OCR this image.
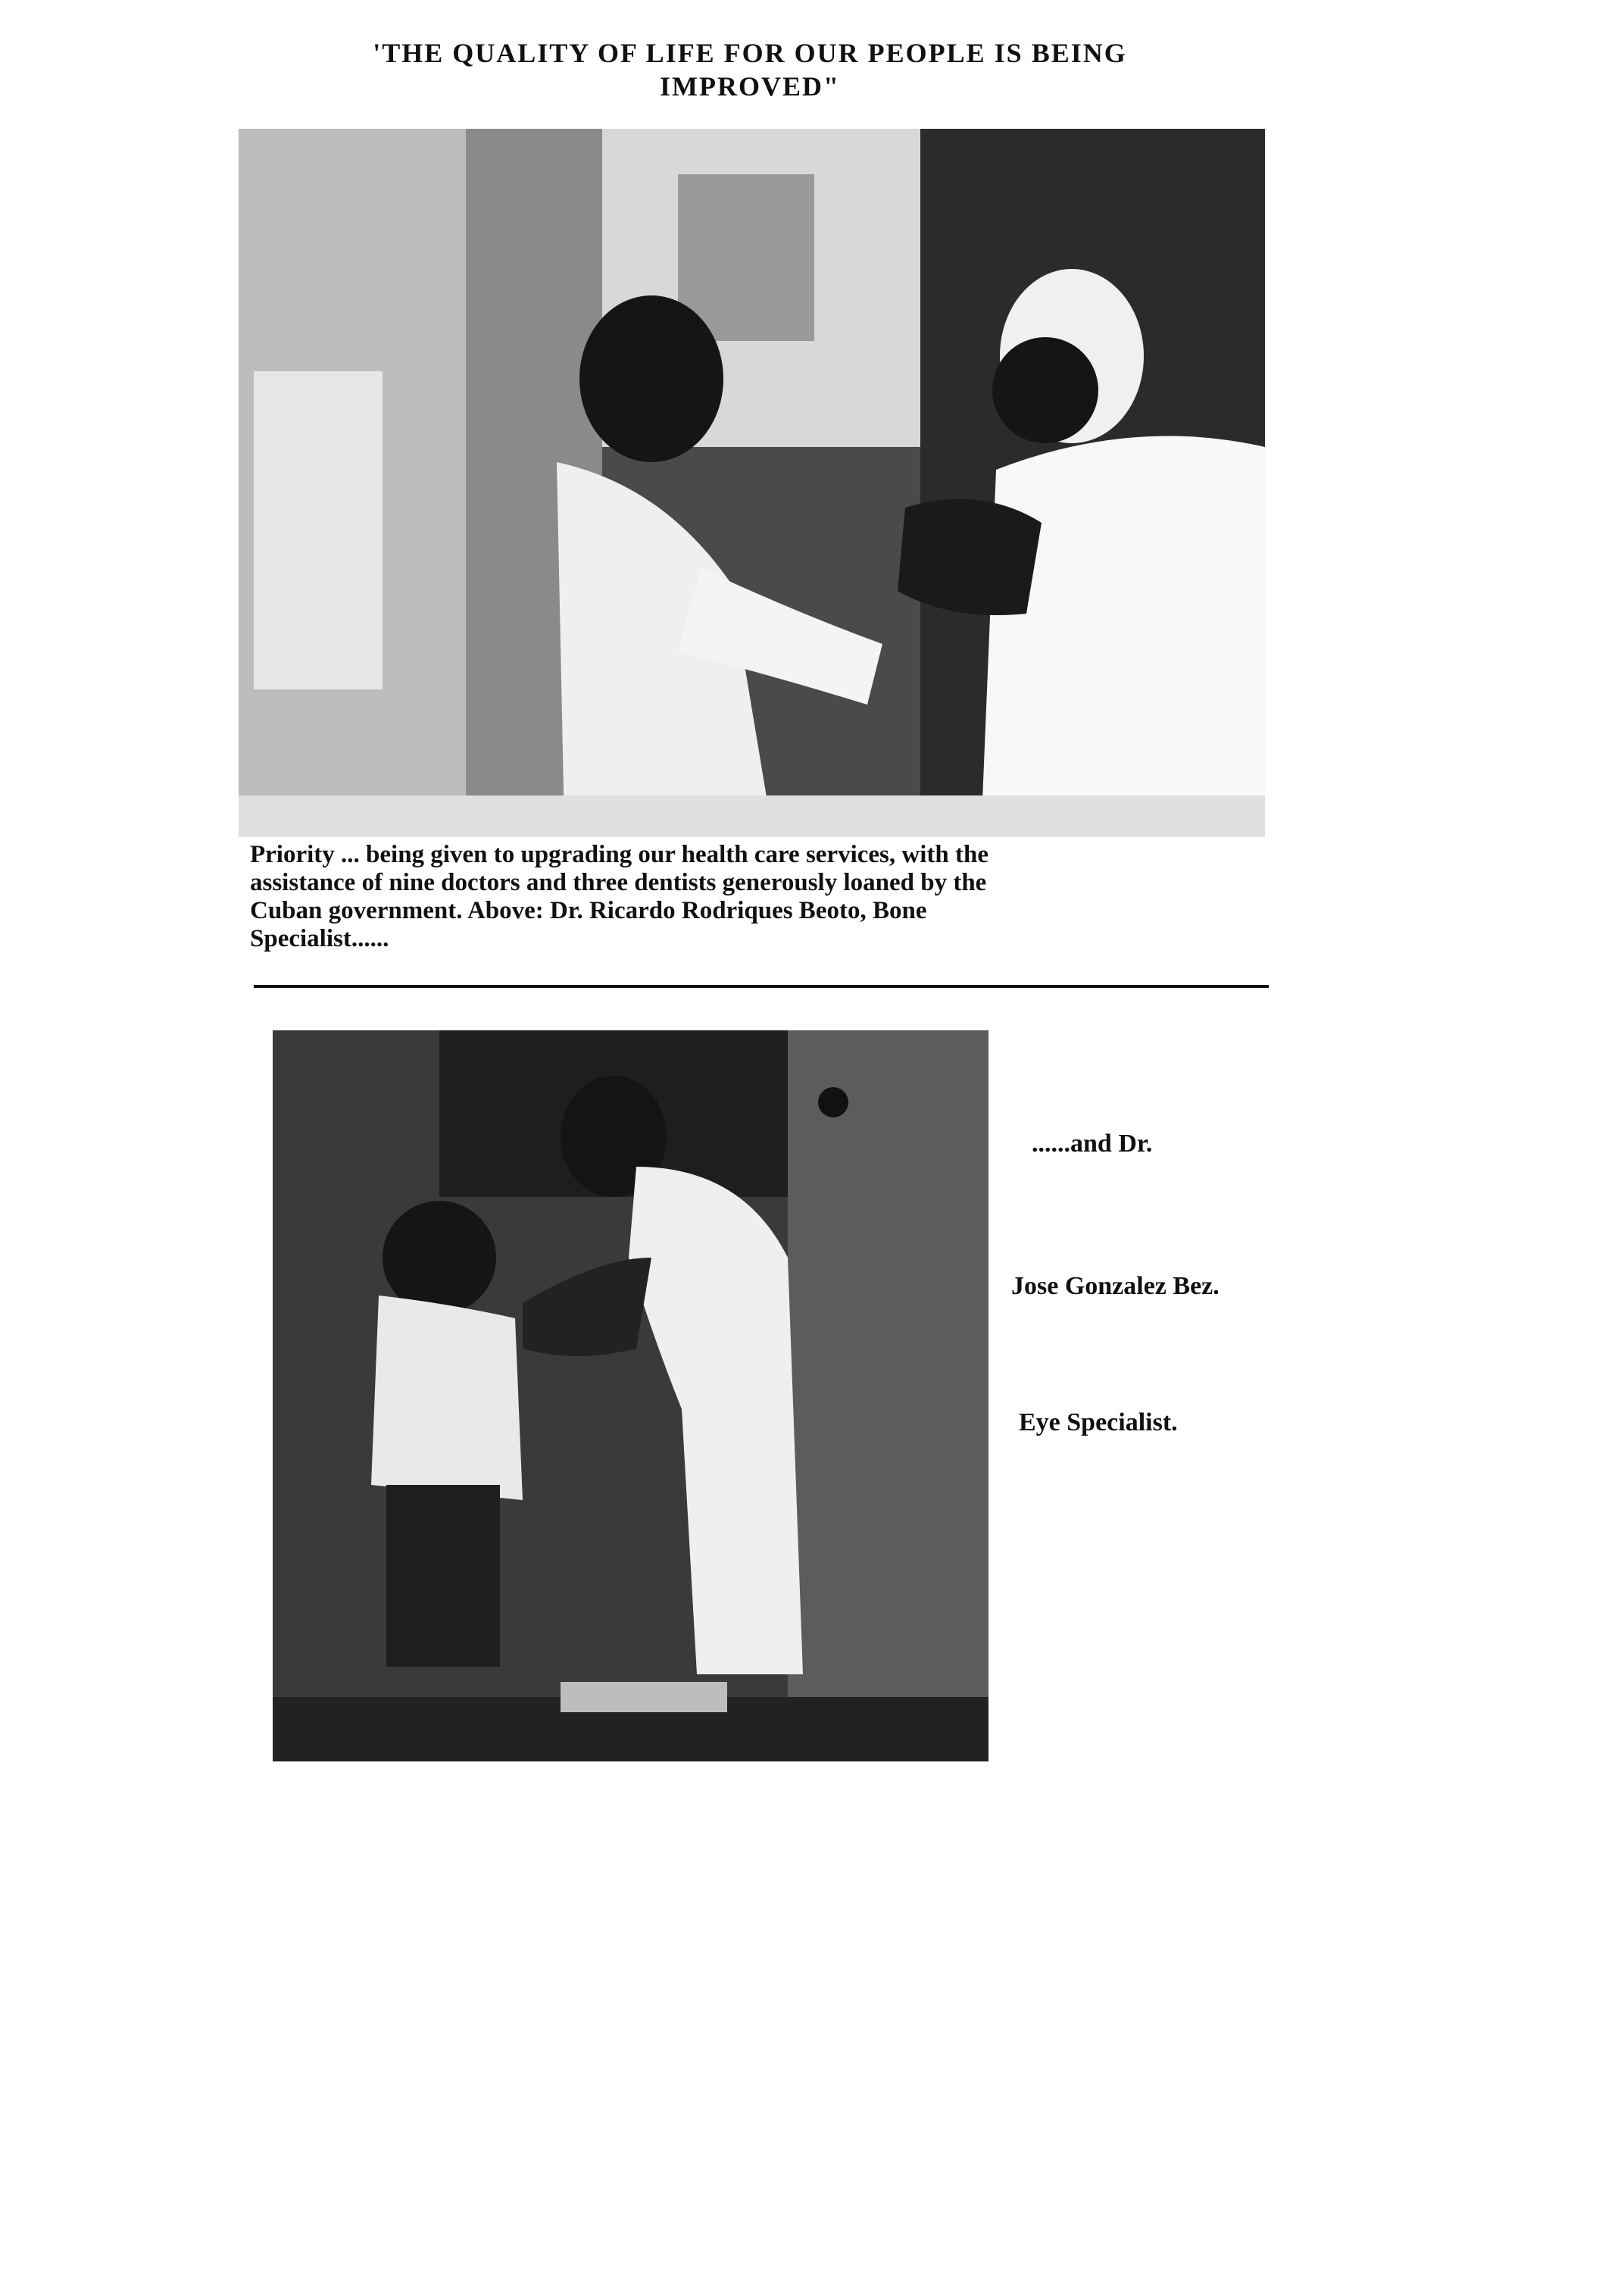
'THE QUALITY OF LIFE FOR OUR PEOPLE IS BEING
IMPROVED"
Priority ... being given to upgrading our health care services, with the
assistance of nine doctors and three dentists generously loaned by the
Cuban government. Above: Dr. Ricardo Rodriques Beoto, Bone
Specialist......
......and Dr.
Jose Gonzalez Bez.
Eye Specialist.
